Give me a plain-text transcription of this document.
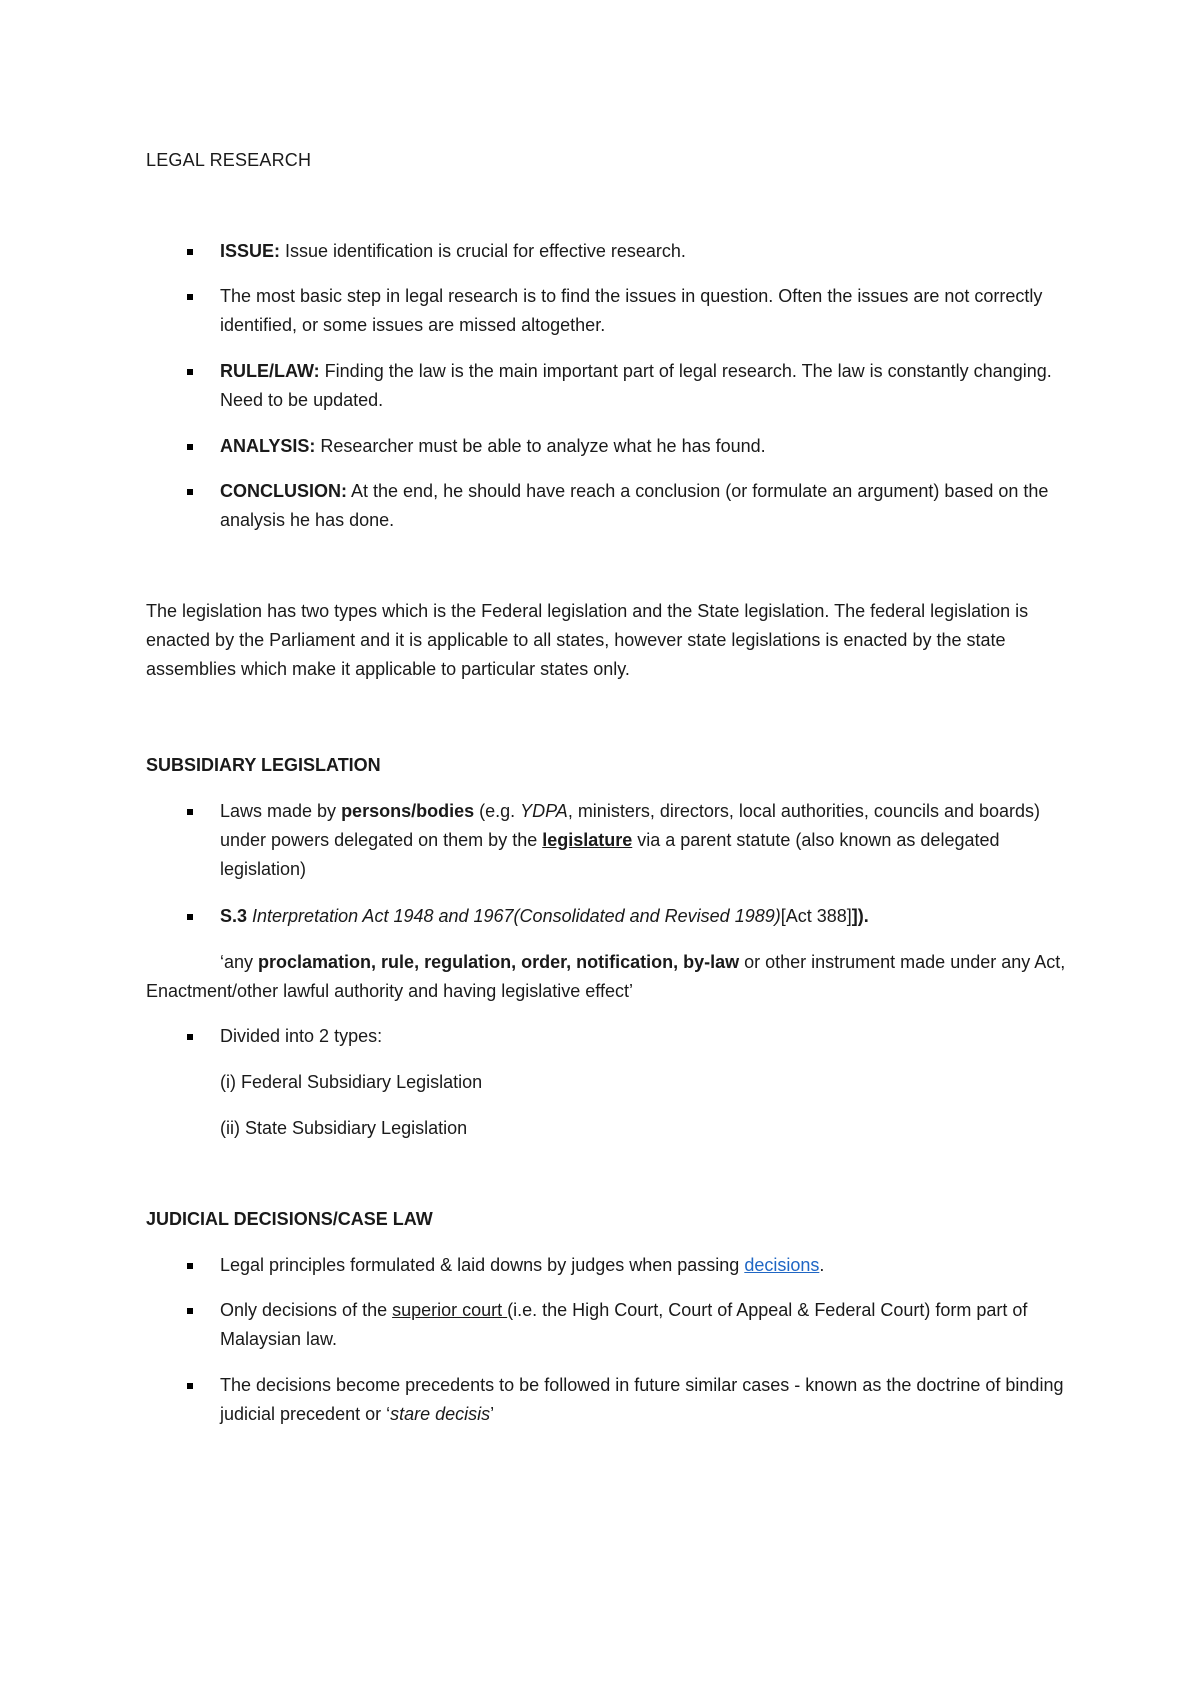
LEGAL RESEARCH

ISSUE: Issue identification is crucial for effective research.

The most basic step in legal research is to find the issues in question. Often the issues are not correctly identified, or some issues are missed altogether.

RULE/LAW: Finding the law is the main important part of legal research. The law is constantly changing. Need to be updated.

ANALYSIS: Researcher must be able to analyze what he has found.

CONCLUSION: At the end, he should have reach a conclusion (or formulate an argument) based on the analysis he has done.

The legislation has two types which is the Federal legislation and the State legislation. The federal legislation is enacted by the Parliament and it is applicable to all states, however state legislations is enacted by the state assemblies which make it applicable to particular states only.

SUBSIDIARY LEGISLATION

Laws made by persons/bodies (e.g. YDPA, ministers, directors, local authorities, councils and boards) under powers delegated on them by the legislature via a parent statute (also known as delegated legislation)

S.3 Interpretation Act 1948 and 1967(Consolidated and Revised 1989)[Act 388]]).

‘any proclamation, rule, regulation, order, notification, by-law or other instrument made under any Act, Enactment/other lawful authority and having legislative effect’

Divided into 2 types:

(i) Federal Subsidiary Legislation

(ii) State Subsidiary Legislation

JUDICIAL DECISIONS/CASE LAW

Legal principles formulated & laid downs by judges when passing decisions.

Only decisions of the superior court (i.e. the High Court, Court of Appeal & Federal Court) form part of Malaysian law.

The decisions become precedents to be followed in future similar cases - known as the doctrine of binding judicial precedent or ‘stare decisis’
